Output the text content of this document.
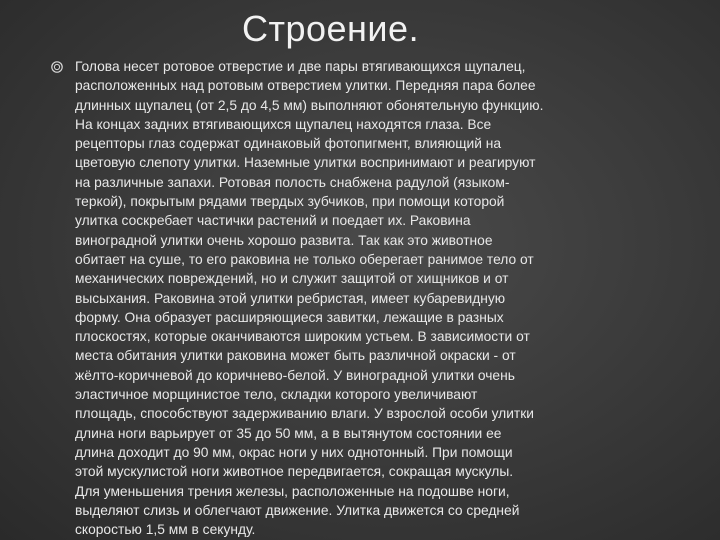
Строение.
Голова несет ротовое отверстие и две пары втягивающихся щупалец,
расположенных над ротовым отверстием улитки. Передняя пара более
длинных щупалец (от 2,5 до 4,5 мм) выполняют обонятельную функцию.
На концах задних втягивающихся щупалец находятся глаза. Все
рецепторы глаз содержат одинаковый фотопигмент, влияющий на
цветовую слепоту улитки. Наземные улитки воспринимают и реагируют
на различные запахи. Ротовая полость снабжена радулой (языком-
теркой), покрытым рядами твердых зубчиков, при помощи которой
улитка соскребает частички растений и поедает их. Раковина
виноградной улитки очень хорошо развита. Так как это животное
обитает на суше, то его раковина не только оберегает ранимое тело от
механических повреждений, но и служит защитой от хищников и от
высыхания. Раковина этой улитки ребристая, имеет кубаревидную
форму. Она образует расширяющиеся завитки, лежащие в разных
плоскостях, которые оканчиваются широким устьем. В зависимости от
места обитания улитки раковина может быть различной окраски - от
жёлто-коричневой до коричнево-белой. У виноградной улитки очень
эластичное морщинистое тело, складки которого увеличивают
площадь, способствуют задерживанию влаги. У взрослой особи улитки
длина ноги варьирует от 35 до 50 мм, а в вытянутом состоянии ее
длина доходит до 90 мм, окрас ноги у них однотонный. При помощи
этой мускулистой ноги животное передвигается, сокращая мускулы.
Для уменьшения трения железы, расположенные на подошве ноги,
выделяют слизь и облегчают движение. Улитка движется со средней
скоростью 1,5 мм в секунду.
